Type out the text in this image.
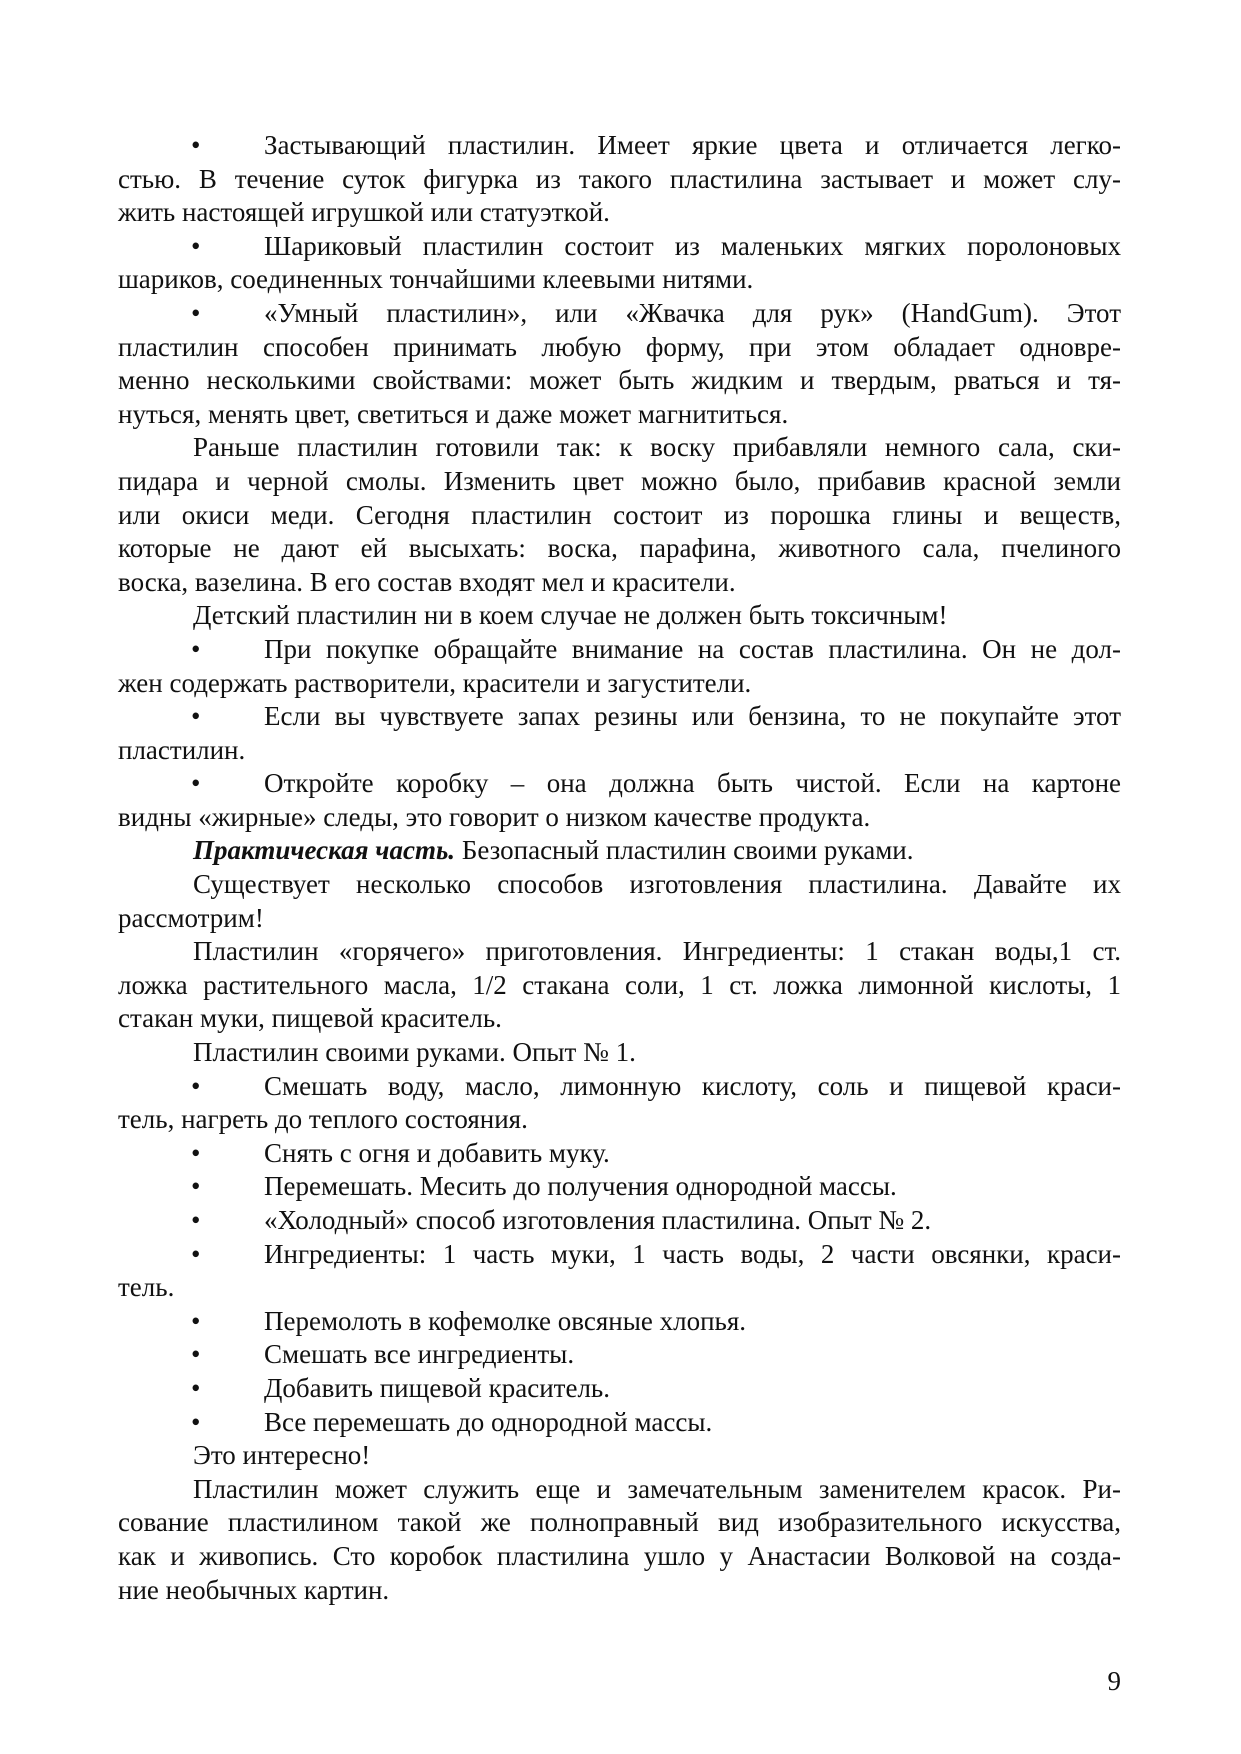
• Застывающий пластилин. Имеет яркие цвета и отличается легко-
стью. В течение суток фигурка из такого пластилина застывает и может слу-
жить настоящей игрушкой или статуэткой.
• Шариковый пластилин состоит из маленьких мягких поролоновых
шариков, соединенных тончайшими клеевыми нитями.
• «Умный пластилин», или «Жвачка для рук» (HandGum). Этот
пластилин способен принимать любую форму, при этом обладает одновре-
менно несколькими свойствами: может быть жидким и твердым, рваться и тя-
нуться, менять цвет, светиться и даже может магнититься.
Раньше пластилин готовили так: к воску прибавляли немного сала, ски-
пидара и черной смолы. Изменить цвет можно было, прибавив красной земли
или окиси меди. Сегодня пластилин состоит из порошка глины и веществ,
которые не дают ей высыхать: воска, парафина, животного сала, пчелиного
воска, вазелина. В его состав входят мел и красители.
Детский пластилин ни в коем случае не должен быть токсичным!
• При покупке обращайте внимание на состав пластилина. Он не дол-
жен содержать растворители, красители и загустители.
• Если вы чувствуете запах резины или бензина, то не покупайте этот
пластилин.
• Откройте коробку – она должна быть чистой. Если на картоне
видны «жирные» следы, это говорит о низком качестве продукта.
Практическая часть. Безопасный пластилин своими руками.
Существует несколько способов изготовления пластилина. Давайте их
рассмотрим!
Пластилин «горячего» приготовления. Ингредиенты: 1 стакан воды,1 ст.
ложка растительного масла, 1/2 стакана соли, 1 ст. ложка лимонной кислоты, 1
стакан муки, пищевой краситель.
Пластилин своими руками. Опыт № 1.
• Смешать воду, масло, лимонную кислоту, соль и пищевой краси-
тель, нагреть до теплого состояния.
• Снять с огня и добавить муку.
• Перемешать. Месить до получения однородной массы.
• «Холодный» способ изготовления пластилина. Опыт № 2.
• Ингредиенты: 1 часть муки, 1 часть воды, 2 части овсянки, краси-
тель.
• Перемолоть в кофемолке овсяные хлопья.
• Смешать все ингредиенты.
• Добавить пищевой краситель.
• Все перемешать до однородной массы.
Это интересно!
Пластилин может служить еще и замечательным заменителем красок. Ри-
сование пластилином такой же полноправный вид изобразительного искусства,
как и живопись. Сто коробок пластилина ушло у Анастасии Волковой на созда-
ние необычных картин.
9
